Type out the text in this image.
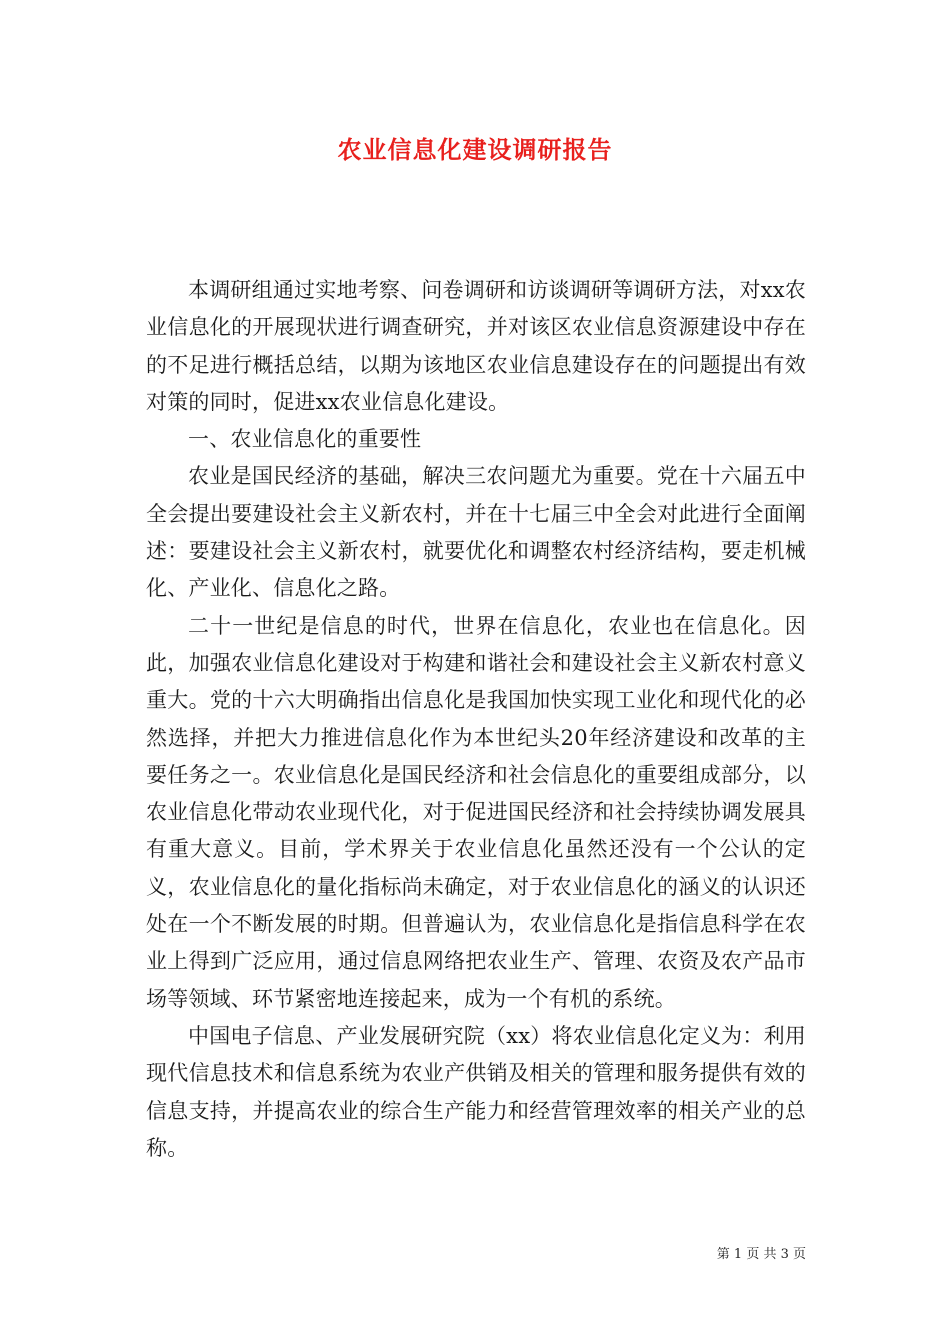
农业信息化建设调研报告

本调研组通过实地考察、问卷调研和访谈调研等调研方法，对xx农业信息化的开展现状进行调查研究，并对该区农业信息资源建设中存在的不足进行概括总结，以期为该地区农业信息建设存在的问题提出有效对策的同时，促进xx农业信息化建设。

一、农业信息化的重要性

农业是国民经济的基础，解决三农问题尤为重要。党在十六届五中全会提出要建设社会主义新农村，并在十七届三中全会对此进行全面阐述：要建设社会主义新农村，就要优化和调整农村经济结构，要走机械化、产业化、信息化之路。

二十一世纪是信息的时代，世界在信息化，农业也在信息化。因此，加强农业信息化建设对于构建和谐社会和建设社会主义新农村意义重大。党的十六大明确指出信息化是我国加快实现工业化和现代化的必然选择，并把大力推进信息化作为本世纪头20年经济建设和改革的主要任务之一。农业信息化是国民经济和社会信息化的重要组成部分，以农业信息化带动农业现代化，对于促进国民经济和社会持续协调发展具有重大意义。目前，学术界关于农业信息化虽然还没有一个公认的定义，农业信息化的量化指标尚未确定，对于农业信息化的涵义的认识还处在一个不断发展的时期。但普遍认为，农业信息化是指信息科学在农业上得到广泛应用，通过信息网络把农业生产、管理、农资及农产品市场等领域、环节紧密地连接起来，成为一个有机的系统。

中国电子信息、产业发展研究院（xx）将农业信息化定义为：利用现代信息技术和信息系统为农业产供销及相关的管理和服务提供有效的信息支持，并提高农业的综合生产能力和经营管理效率的相关产业的总称。

第 1 页 共 3 页
